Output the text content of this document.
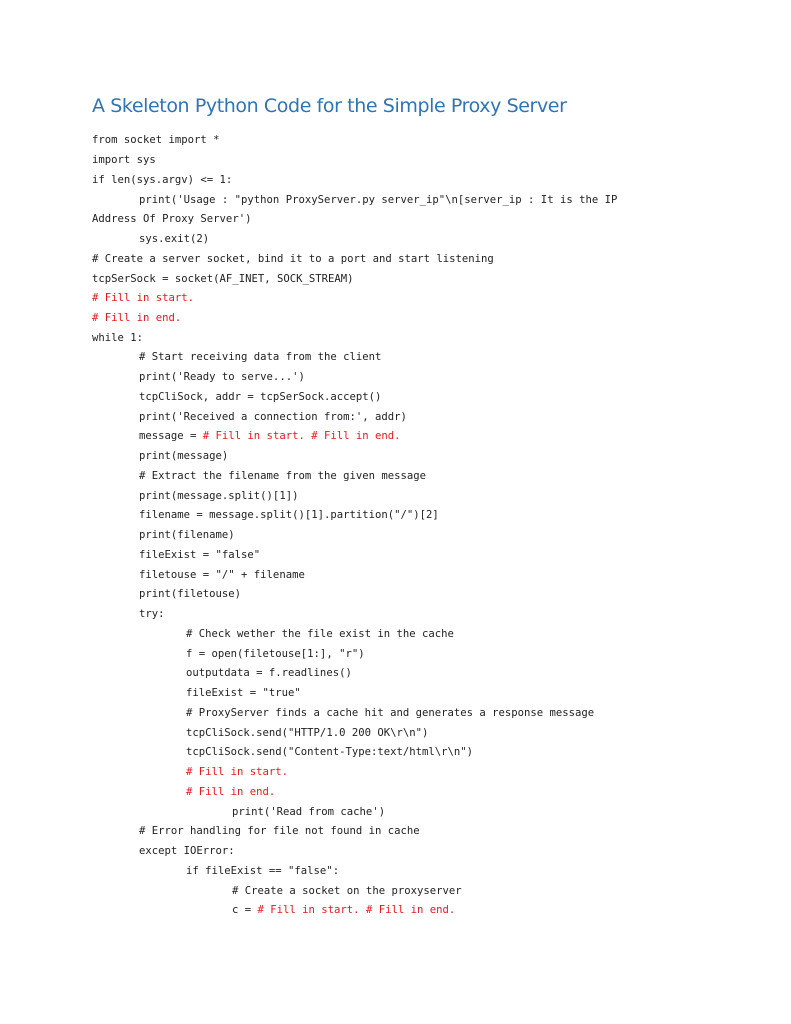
A Skeleton Python Code for the Simple Proxy Server
from socket import *
import sys
if len(sys.argv) <= 1:
print('Usage : "python ProxyServer.py server_ip"\n[server_ip : It is the IP
Address Of Proxy Server')
sys.exit(2)
# Create a server socket, bind it to a port and start listening
tcpSerSock = socket(AF_INET, SOCK_STREAM)
# Fill in start.
# Fill in end.
while 1:
# Start receiving data from the client
print('Ready to serve...')
tcpCliSock, addr = tcpSerSock.accept()
print('Received a connection from:', addr)
message = # Fill in start. # Fill in end.
print(message)
# Extract the filename from the given message
print(message.split()[1])
filename = message.split()[1].partition("/")[2]
print(filename)
fileExist = "false"
filetouse = "/" + filename
print(filetouse)
try:
# Check wether the file exist in the cache
f = open(filetouse[1:], "r")
outputdata = f.readlines()
fileExist = "true"
# ProxyServer finds a cache hit and generates a response message
tcpCliSock.send("HTTP/1.0 200 OK\r\n")
tcpCliSock.send("Content-Type:text/html\r\n")
# Fill in start.
# Fill in end.
print('Read from cache')
# Error handling for file not found in cache
except IOError:
if fileExist == "false":
# Create a socket on the proxyserver
c = # Fill in start. # Fill in end.
